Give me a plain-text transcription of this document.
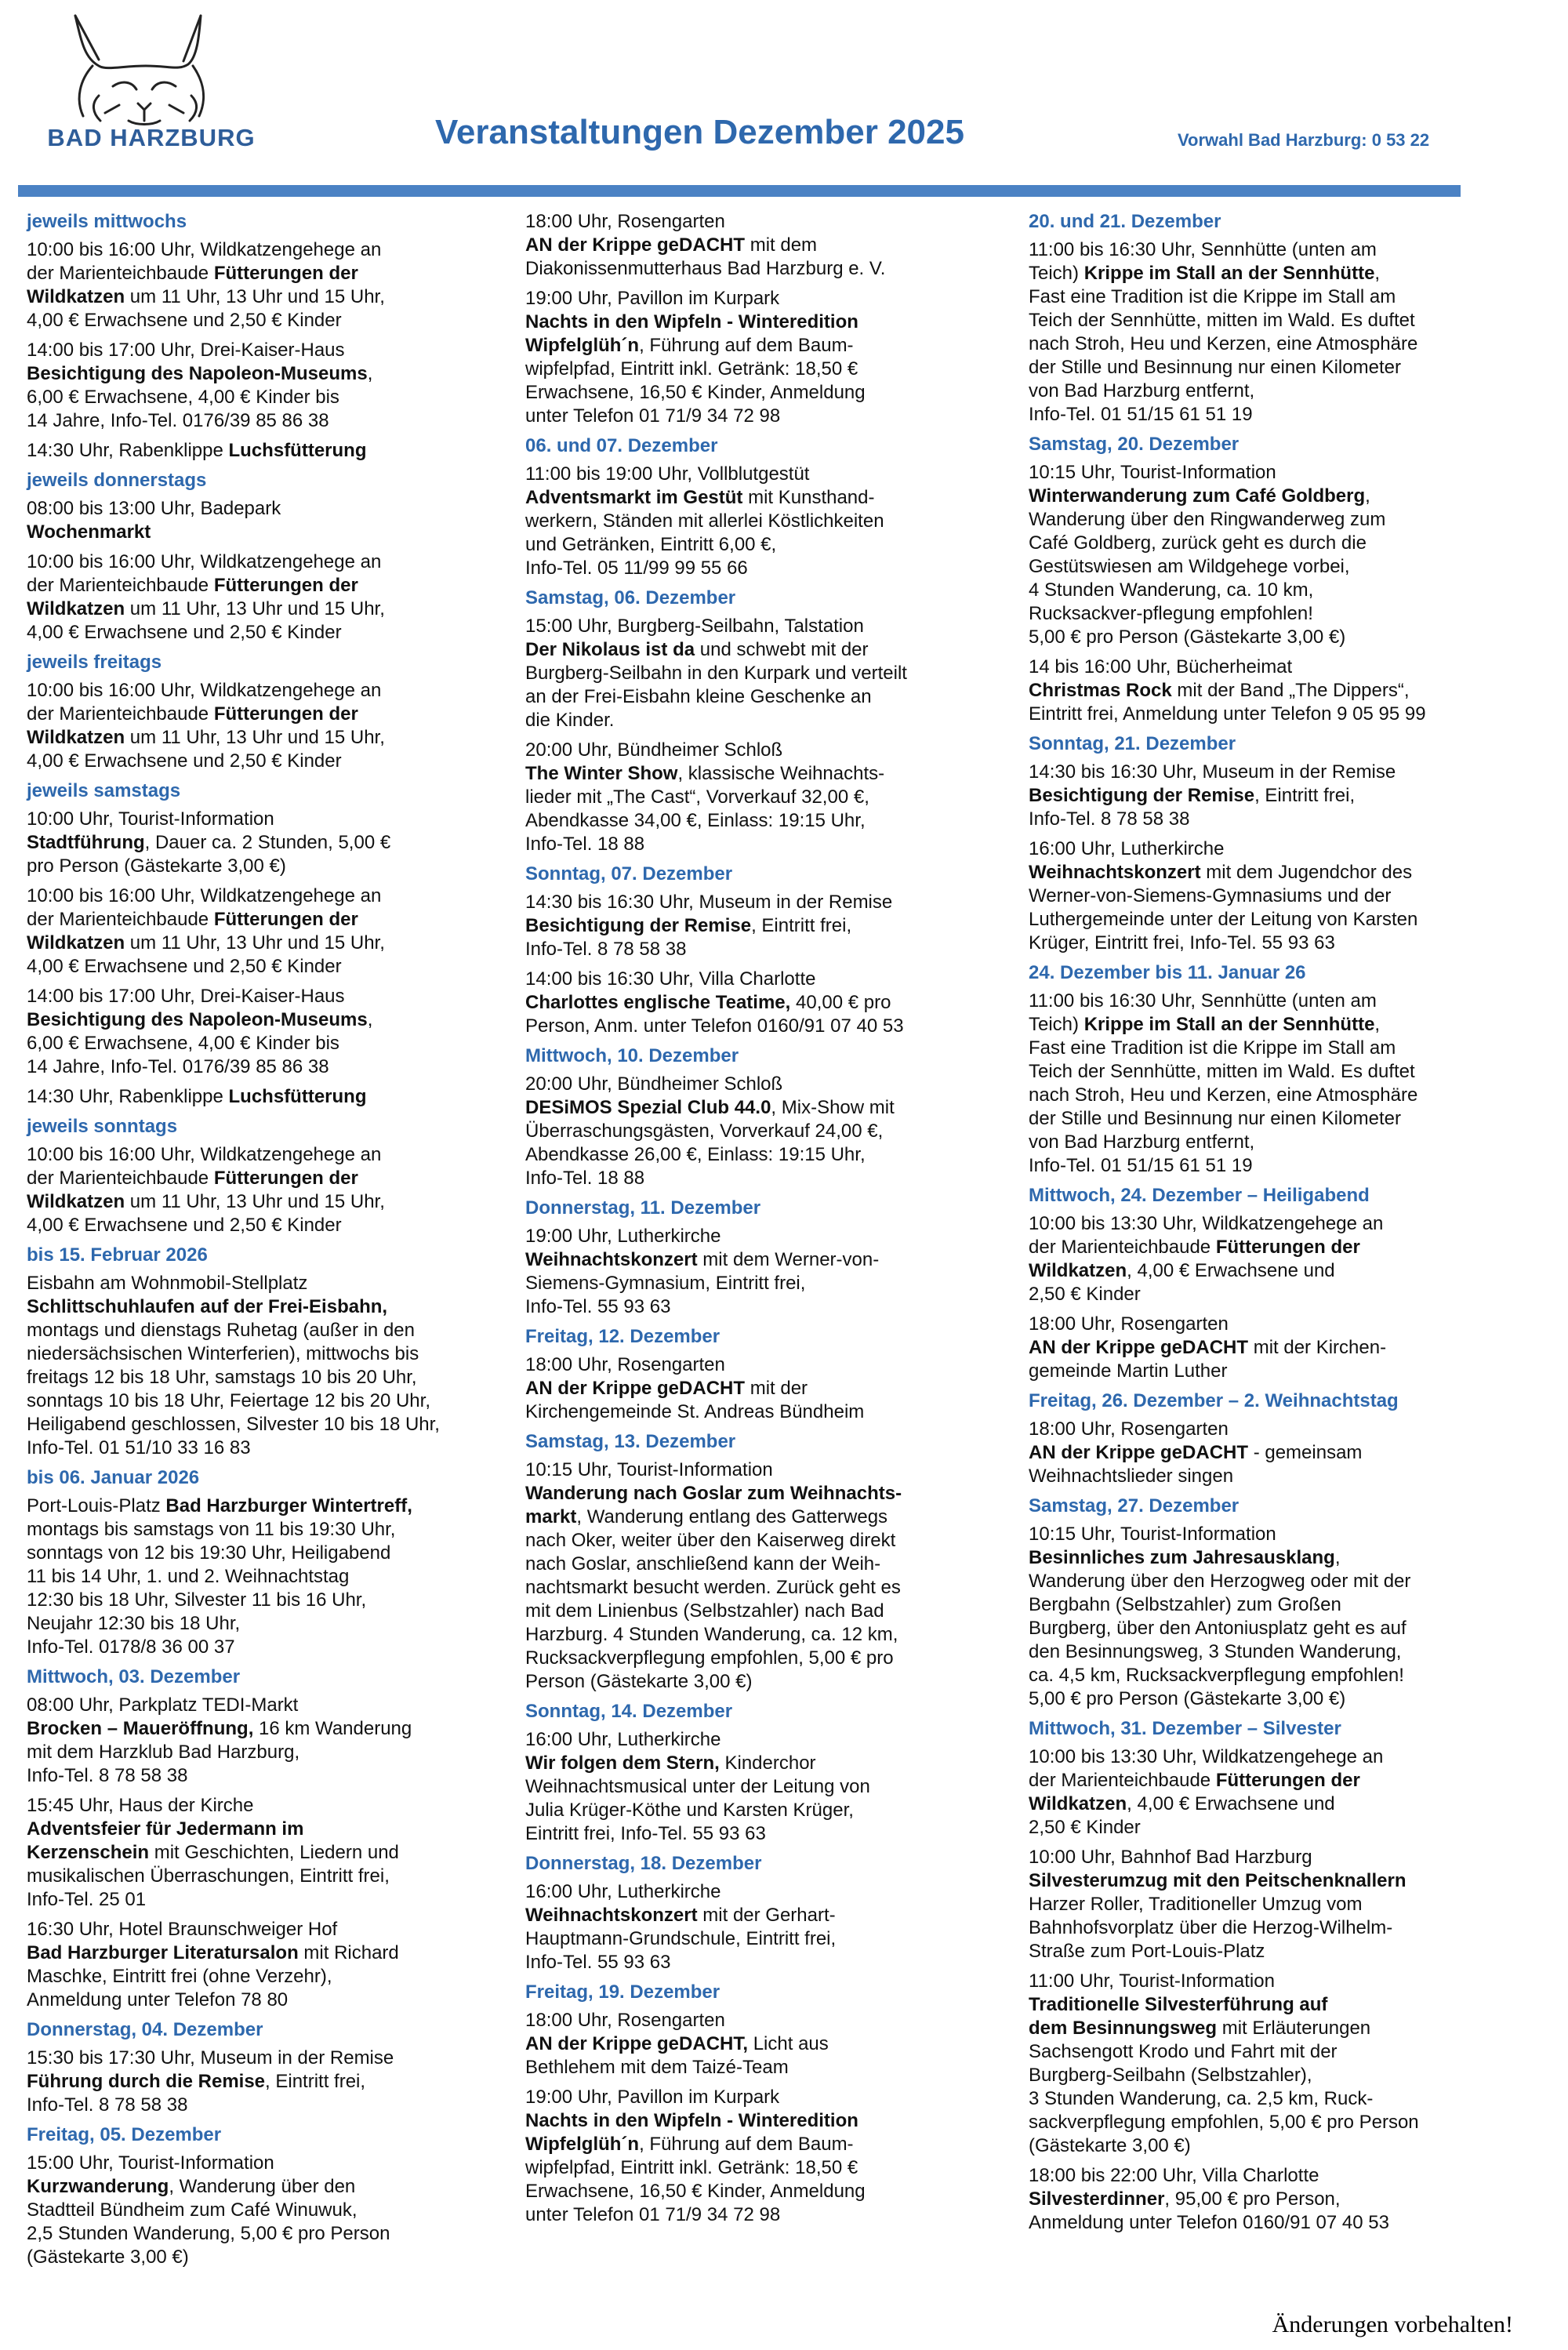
BAD HARZBURG	Veranstaltungen Dezember 2025	Vorwahl Bad Harzburg: 0 53 22
jeweils mittwochs
10:00 bis 16:00 Uhr, Wildkatzengehege an
der Marienteichbaude Fütterungen der
Wildkatzen um 11 Uhr, 13 Uhr und 15 Uhr,
4,00 € Erwachsene und 2,50 € Kinder
14:00 bis 17:00 Uhr, Drei-Kaiser-Haus
Besichtigung des Napoleon-Museums,
6,00 € Erwachsene, 4,00 € Kinder bis
14 Jahre, Info-Tel. 0176/39 85 86 38
14:30 Uhr, Rabenklippe Luchsfütterung
jeweils donnerstags
08:00 bis 13:00 Uhr, Badepark
Wochenmarkt
10:00 bis 16:00 Uhr, Wildkatzengehege an
der Marienteichbaude Fütterungen der
Wildkatzen um 11 Uhr, 13 Uhr und 15 Uhr,
4,00 € Erwachsene und 2,50 € Kinder
jeweils freitags
10:00 bis 16:00 Uhr, Wildkatzengehege an
der Marienteichbaude Fütterungen der
Wildkatzen um 11 Uhr, 13 Uhr und 15 Uhr,
4,00 € Erwachsene und 2,50 € Kinder
jeweils samstags
10:00 Uhr, Tourist-Information
Stadtführung, Dauer ca. 2 Stunden, 5,00 €
pro Person (Gästekarte 3,00 €)
10:00 bis 16:00 Uhr, Wildkatzengehege an
der Marienteichbaude Fütterungen der
Wildkatzen um 11 Uhr, 13 Uhr und 15 Uhr,
4,00 € Erwachsene und 2,50 € Kinder
14:00 bis 17:00 Uhr, Drei-Kaiser-Haus
Besichtigung des Napoleon-Museums,
6,00 € Erwachsene, 4,00 € Kinder bis
14 Jahre, Info-Tel. 0176/39 85 86 38
14:30 Uhr, Rabenklippe Luchsfütterung
jeweils sonntags
10:00 bis 16:00 Uhr, Wildkatzengehege an
der Marienteichbaude Fütterungen der
Wildkatzen um 11 Uhr, 13 Uhr und 15 Uhr,
4,00 € Erwachsene und 2,50 € Kinder
bis 15. Februar 2026
Eisbahn am Wohnmobil-Stellplatz
Schlittschuhlaufen auf der Frei-Eisbahn,
montags und dienstags Ruhetag (außer in den
niedersächsischen Winterferien), mittwochs bis
freitags 12 bis 18 Uhr, samstags 10 bis 20 Uhr,
sonntags 10 bis 18 Uhr, Feiertage 12 bis 20 Uhr,
Heiligabend geschlossen, Silvester 10 bis 18 Uhr,
Info-Tel. 01 51/10 33 16 83
bis 06. Januar 2026
Port-Louis-Platz Bad Harzburger Wintertreff,
montags bis samstags von 11 bis 19:30 Uhr,
sonntags von 12 bis 19:30 Uhr, Heiligabend
11 bis 14 Uhr, 1. und 2. Weihnachtstag
12:30 bis 18 Uhr, Silvester 11 bis 16 Uhr,
Neujahr 12:30 bis 18 Uhr,
Info-Tel. 0178/8 36 00 37
Mittwoch, 03. Dezember
08:00 Uhr, Parkplatz TEDI-Markt
Brocken – Maueröffnung, 16 km Wanderung
mit dem Harzklub Bad Harzburg,
Info-Tel. 8 78 58 38
15:45 Uhr, Haus der Kirche
Adventsfeier für Jedermann im
Kerzenschein mit Geschichten, Liedern und
musikalischen Überraschungen, Eintritt frei,
Info-Tel. 25 01
16:30 Uhr, Hotel Braunschweiger Hof
Bad Harzburger Literatursalon mit Richard
Maschke, Eintritt frei (ohne Verzehr),
Anmeldung unter Telefon 78 80
Donnerstag, 04. Dezember
15:30 bis 17:30 Uhr, Museum in der Remise
Führung durch die Remise, Eintritt frei,
Info-Tel. 8 78 58 38
Freitag, 05. Dezember
15:00 Uhr, Tourist-Information
Kurzwanderung, Wanderung über den
Stadtteil Bündheim zum Café Winuwuk,
2,5 Stunden Wanderung, 5,00 € pro Person
(Gästekarte 3,00 €)
18:00 Uhr, Rosengarten
AN der Krippe geDACHT mit dem
Diakonissenmutterhaus Bad Harzburg e. V.
19:00 Uhr, Pavillon im Kurpark
Nachts in den Wipfeln - Winteredition
Wipfelglüh´n, Führung auf dem Baum-
wipfelpfad, Eintritt inkl. Getränk: 18,50 €
Erwachsene, 16,50 € Kinder, Anmeldung
unter Telefon 01 71/9 34 72 98
06. und 07. Dezember
11:00 bis 19:00 Uhr, Vollblutgestüt
Adventsmarkt im Gestüt mit Kunsthand-
werkern, Ständen mit allerlei Köstlichkeiten
und Getränken, Eintritt 6,00 €,
Info-Tel. 05 11/99 99 55 66
Samstag, 06. Dezember
15:00 Uhr, Burgberg-Seilbahn, Talstation
Der Nikolaus ist da und schwebt mit der
Burgberg-Seilbahn in den Kurpark und verteilt
an der Frei-Eisbahn kleine Geschenke an
die Kinder.
20:00 Uhr, Bündheimer Schloß
The Winter Show, klassische Weihnachts-
lieder mit „The Cast“, Vorverkauf 32,00 €,
Abendkasse 34,00 €, Einlass: 19:15 Uhr,
Info-Tel. 18 88
Sonntag, 07. Dezember
14:30 bis 16:30 Uhr, Museum in der Remise
Besichtigung der Remise, Eintritt frei,
Info-Tel. 8 78 58 38
14:00 bis 16:30 Uhr, Villa Charlotte
Charlottes englische Teatime, 40,00 € pro
Person, Anm. unter Telefon 0160/91 07 40 53
Mittwoch, 10. Dezember
20:00 Uhr, Bündheimer Schloß
DESiMOS Spezial Club 44.0, Mix-Show mit
Überraschungsgästen, Vorverkauf 24,00 €,
Abendkasse 26,00 €, Einlass: 19:15 Uhr,
Info-Tel. 18 88
Donnerstag, 11. Dezember
19:00 Uhr, Lutherkirche
Weihnachtskonzert mit dem Werner-von-
Siemens-Gymnasium, Eintritt frei,
Info-Tel. 55 93 63
Freitag, 12. Dezember
18:00 Uhr, Rosengarten
AN der Krippe geDACHT mit der
Kirchengemeinde St. Andreas Bündheim
Samstag, 13. Dezember
10:15 Uhr, Tourist-Information
Wanderung nach Goslar zum Weihnachts-
markt, Wanderung entlang des Gatterwegs
nach Oker, weiter über den Kaiserweg direkt
nach Goslar, anschließend kann der Weih-
nachtsmarkt besucht werden. Zurück geht es
mit dem Linienbus (Selbstzahler) nach Bad
Harzburg. 4 Stunden Wanderung, ca. 12 km,
Rucksackverpflegung empfohlen, 5,00 € pro
Person (Gästekarte 3,00 €)
Sonntag, 14. Dezember
16:00 Uhr, Lutherkirche
Wir folgen dem Stern, Kinderchor
Weihnachtsmusical unter der Leitung von
Julia Krüger-Köthe und Karsten Krüger,
Eintritt frei, Info-Tel. 55 93 63
Donnerstag, 18. Dezember
16:00 Uhr, Lutherkirche
Weihnachtskonzert mit der Gerhart-
Hauptmann-Grundschule, Eintritt frei,
Info-Tel. 55 93 63
Freitag, 19. Dezember
18:00 Uhr, Rosengarten
AN der Krippe geDACHT, Licht aus
Bethlehem mit dem Taizé-Team
19:00 Uhr, Pavillon im Kurpark
Nachts in den Wipfeln - Winteredition
Wipfelglüh´n, Führung auf dem Baum-
wipfelpfad, Eintritt inkl. Getränk: 18,50 €
Erwachsene, 16,50 € Kinder, Anmeldung
unter Telefon 01 71/9 34 72 98
20. und 21. Dezember
11:00 bis 16:30 Uhr, Sennhütte (unten am
Teich) Krippe im Stall an der Sennhütte,
Fast eine Tradition ist die Krippe im Stall am
Teich der Sennhütte, mitten im Wald. Es duftet
nach Stroh, Heu und Kerzen, eine Atmosphäre
der Stille und Besinnung nur einen Kilometer
von Bad Harzburg entfernt,
Info-Tel. 01 51/15 61 51 19
Samstag, 20. Dezember
10:15 Uhr, Tourist-Information
Winterwanderung zum Café Goldberg,
Wanderung über den Ringwanderweg zum
Café Goldberg, zurück geht es durch die
Gestütswiesen am Wildgehege vorbei,
4 Stunden Wanderung, ca. 10 km,
Rucksackver-pflegung empfohlen!
5,00 € pro Person (Gästekarte 3,00 €)
14 bis 16:00 Uhr, Bücherheimat
Christmas Rock mit der Band „The Dippers“,
Eintritt frei, Anmeldung unter Telefon 9 05 95 99
Sonntag, 21. Dezember
14:30 bis 16:30 Uhr, Museum in der Remise
Besichtigung der Remise, Eintritt frei,
Info-Tel. 8 78 58 38
16:00 Uhr, Lutherkirche
Weihnachtskonzert mit dem Jugendchor des
Werner-von-Siemens-Gymnasiums und der
Luthergemeinde unter der Leitung von Karsten
Krüger, Eintritt frei, Info-Tel. 55 93 63
24. Dezember bis 11. Januar 26
11:00 bis 16:30 Uhr, Sennhütte (unten am
Teich) Krippe im Stall an der Sennhütte,
Fast eine Tradition ist die Krippe im Stall am
Teich der Sennhütte, mitten im Wald. Es duftet
nach Stroh, Heu und Kerzen, eine Atmosphäre
der Stille und Besinnung nur einen Kilometer
von Bad Harzburg entfernt,
Info-Tel. 01 51/15 61 51 19
Mittwoch, 24. Dezember – Heiligabend
10:00 bis 13:30 Uhr, Wildkatzengehege an
der Marienteichbaude Fütterungen der
Wildkatzen, 4,00 € Erwachsene und
2,50 € Kinder
18:00 Uhr, Rosengarten
AN der Krippe geDACHT mit der Kirchen-
gemeinde Martin Luther
Freitag, 26. Dezember – 2. Weihnachtstag
18:00 Uhr, Rosengarten
AN der Krippe geDACHT - gemeinsam
Weihnachtslieder singen
Samstag, 27. Dezember
10:15 Uhr, Tourist-Information
Besinnliches zum Jahresausklang,
Wanderung über den Herzogweg oder mit der
Bergbahn (Selbstzahler) zum Großen
Burgberg, über den Antoniusplatz geht es auf
den Besinnungsweg, 3 Stunden Wanderung,
ca. 4,5 km, Rucksackverpflegung empfohlen!
5,00 € pro Person (Gästekarte 3,00 €)
Mittwoch, 31. Dezember – Silvester
10:00 bis 13:30 Uhr, Wildkatzengehege an
der Marienteichbaude Fütterungen der
Wildkatzen, 4,00 € Erwachsene und
2,50 € Kinder
10:00 Uhr, Bahnhof Bad Harzburg
Silvesterumzug mit den Peitschenknallern
Harzer Roller, Traditioneller Umzug vom
Bahnhofsvorplatz über die Herzog-Wilhelm-
Straße zum Port-Louis-Platz
11:00 Uhr, Tourist-Information
Traditionelle Silvesterführung auf
dem Besinnungsweg mit Erläuterungen
Sachsengott Krodo und Fahrt mit der
Burgberg-Seilbahn (Selbstzahler),
3 Stunden Wanderung, ca. 2,5 km, Ruck-
sackverpflegung empfohlen, 5,00 € pro Person
(Gästekarte 3,00 €)
18:00 bis 22:00 Uhr, Villa Charlotte
Silvesterdinner, 95,00 € pro Person,
Anmeldung unter Telefon 0160/91 07 40 53
Änderungen vorbehalten!
